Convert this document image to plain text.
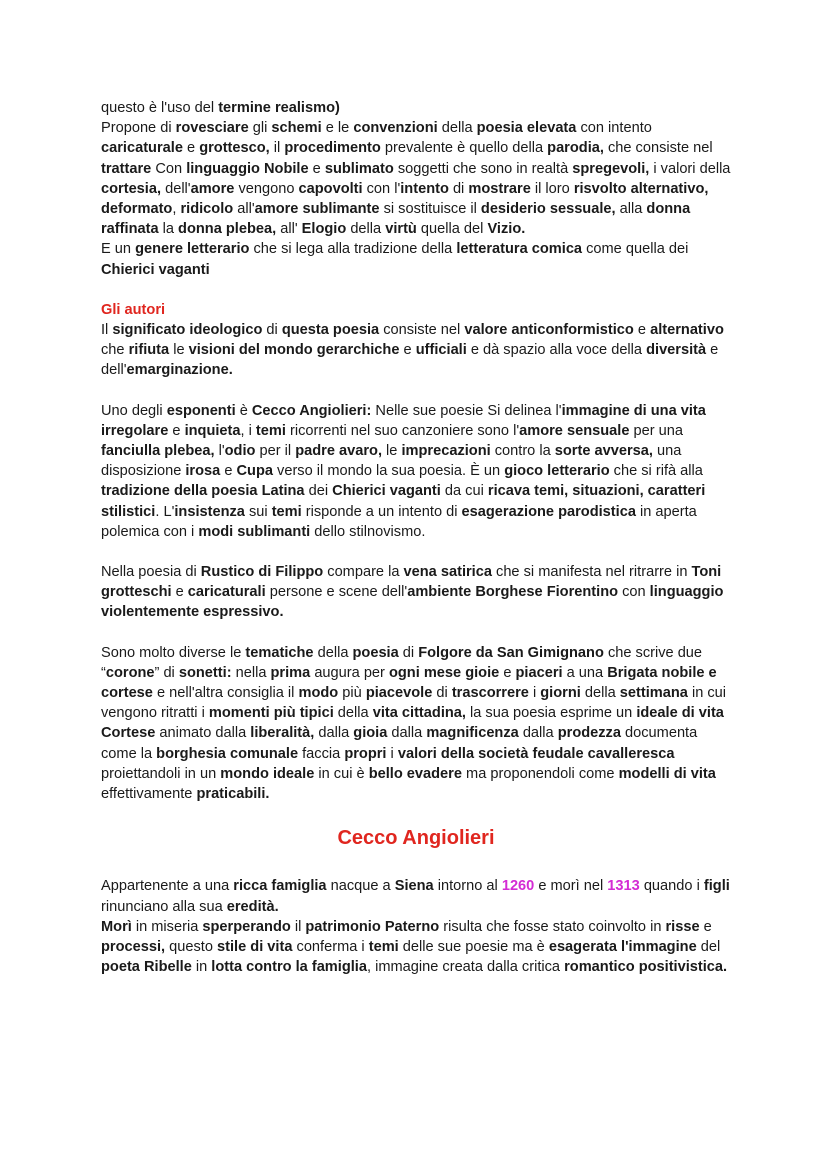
questo è l'uso del termine realismo)
Propone di rovesciare gli schemi e le convenzioni della poesia elevata con intento caricaturale e grottesco, il procedimento prevalente è quello della parodia, che consiste nel trattare Con linguaggio Nobile e sublimato soggetti che sono in realtà spregevoli, i valori della cortesia, dell'amore vengono capovolti con l'intento di mostrare il loro risvolto alternativo, deformato, ridicolo all'amore sublimante si sostituisce il desiderio sessuale, alla donna raffinata la donna plebea, all' Elogio della virtù quella del Vizio.
E un genere letterario che si lega alla tradizione della letteratura comica come quella dei Chierici vaganti

Gli autori

Il significato ideologico di questa poesia consiste nel valore anticonformistico e alternativo che rifiuta le visioni del mondo gerarchiche e ufficiali e dà spazio alla voce della diversità e dell'emarginazione.

Uno degli esponenti è Cecco Angiolieri: Nelle sue poesie Si delinea l'immagine di una vita irregolare e inquieta, i temi ricorrenti nel suo canzoniere sono l'amore sensuale per una fanciulla plebea, l'odio per il padre avaro, le imprecazioni contro la sorte avversa, una disposizione irosa e Cupa verso il mondo la sua poesia. È un gioco letterario che si rifà alla tradizione della poesia Latina dei Chierici vaganti da cui ricava temi, situazioni, caratteri stilistici. L'insistenza sui temi risponde a un intento di esagerazione parodistica in aperta polemica con i modi sublimanti dello stilnovismo.

Nella poesia di Rustico di Filippo compare la vena satirica che si manifesta nel ritrarre in Toni grotteschi e caricaturali persone e scene dell'ambiente Borghese Fiorentino con linguaggio violentemente espressivo.

Sono molto diverse le tematiche della poesia di Folgore da San Gimignano che scrive due “corone” di sonetti: nella prima augura per ogni mese gioie e piaceri a una Brigata nobile e cortese e nell'altra consiglia il modo più piacevole di trascorrere i giorni della settimana in cui vengono ritratti i momenti più tipici della vita cittadina, la sua poesia esprime un ideale di vita Cortese animato dalla liberalità, dalla gioia dalla magnificenza dalla prodezza documenta come la borghesia comunale faccia propri i valori della società feudale cavalleresca proiettandoli in un mondo ideale in cui è bello evadere ma proponendoli come modelli di vita effettivamente praticabili.

Cecco Angiolieri

Appartenente a una ricca famiglia nacque a Siena intorno al 1260 e morì nel 1313 quando i figli rinunciano alla sua eredità.
Morì in miseria sperperando il patrimonio Paterno risulta che fosse stato coinvolto in risse e processi, questo stile di vita conferma i temi delle sue poesie ma è esagerata l'immagine del poeta Ribelle in lotta contro la famiglia, immagine creata dalla critica romantico positivistica.
